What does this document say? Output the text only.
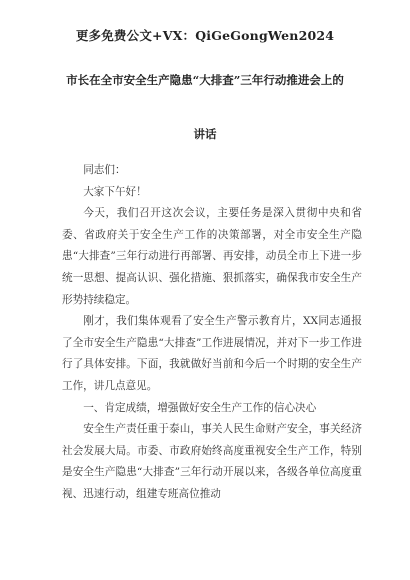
更多免费公文+VX：QiGeGongWen2024
市长在全市安全生产隐患“大排查”三年行动推进会上的
讲话

同志们：

大家下午好！

今天，我们召开这次会议，主要任务是深入贯彻中央和省委、省政府关于安全生产工作的决策部署，对全市安全生产隐患“大排查”三年行动进行再部署、再安排，动员全市上下进一步统一思想、提高认识、强化措施、狠抓落实，确保我市安全生产形势持续稳定。

刚才，我们集体观看了安全生产警示教育片，XX同志通报了全市安全生产隐患“大排查”工作进展情况，并对下一步工作进行了具体安排。下面，我就做好当前和今后一个时期的安全生产工作，讲几点意见。

一、肯定成绩，增强做好安全生产工作的信心决心

安全生产责任重于泰山，事关人民生命财产安全，事关经济社会发展大局。市委、市政府始终高度重视安全生产工作，特别是安全生产隐患“大排查”三年行动开展以来，各级各单位高度重视、迅速行动，组建专班高位推动
